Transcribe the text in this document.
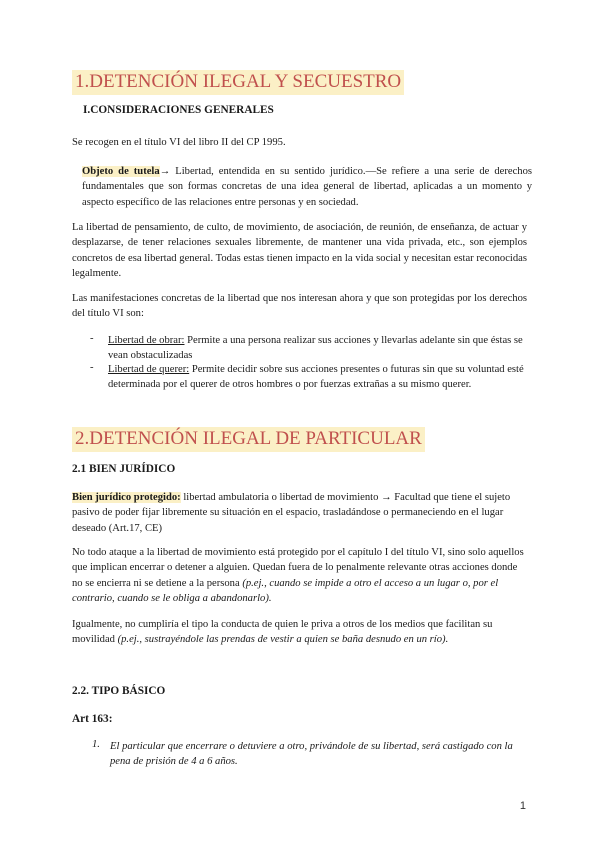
1.DETENCIÓN ILEGAL Y SECUESTRO
I.CONSIDERACIONES GENERALES
Se recogen en el título VI del libro II del CP 1995.
Objeto de tutela→ Libertad, entendida en su sentido jurídico.—Se refiere a una serie de derechos fundamentales que son formas concretas de una idea general de libertad, aplicadas a un momento y aspecto específico de las relaciones entre personas y en sociedad.
La libertad de pensamiento, de culto, de movimiento, de asociación, de reunión, de enseñanza, de actuar y desplazarse, de tener relaciones sexuales libremente, de mantener una vida privada, etc., son ejemplos concretos de esa libertad general. Todas estas tienen impacto en la vida social y necesitan estar reconocidas legalmente.
Las manifestaciones concretas de la libertad que nos interesan ahora y que son protegidas por los derechos del título VI son:
- Libertad de obrar: Permite a una persona realizar sus acciones y llevarlas adelante sin que éstas se vean obstaculizadas
- Libertad de querer: Permite decidir sobre sus acciones presentes o futuras sin que su voluntad esté determinada por el querer de otros hombres o por fuerzas extrañas a su mismo querer.
2.DETENCIÓN ILEGAL DE PARTICULAR
2.1 BIEN JURÍDICO
Bien jurídico protegido: libertad ambulatoria o libertad de movimiento → Facultad que tiene el sujeto pasivo de poder fijar libremente su situación en el espacio, trasladándose o permaneciendo en el lugar deseado (Art.17, CE)
No todo ataque a la libertad de movimiento está protegido por el capítulo I del título VI, sino solo aquellos que implican encerrar o detener a alguien. Quedan fuera de lo penalmente relevante otras acciones donde no se encierra ni se detiene a la persona (p.ej., cuando se impide a otro el acceso a un lugar o, por el contrario, cuando se le obliga a abandonarlo).
Igualmente, no cumpliría el tipo la conducta de quien le priva a otros de los medios que facilitan su movilidad (p.ej., sustrayéndole las prendas de vestir a quien se baña desnudo en un río).
2.2. TIPO BÁSICO
Art 163:
1. El particular que encerrare o detuviere a otro, privándole de su libertad, será castigado con la pena de prisión de 4 a 6 años.
1
